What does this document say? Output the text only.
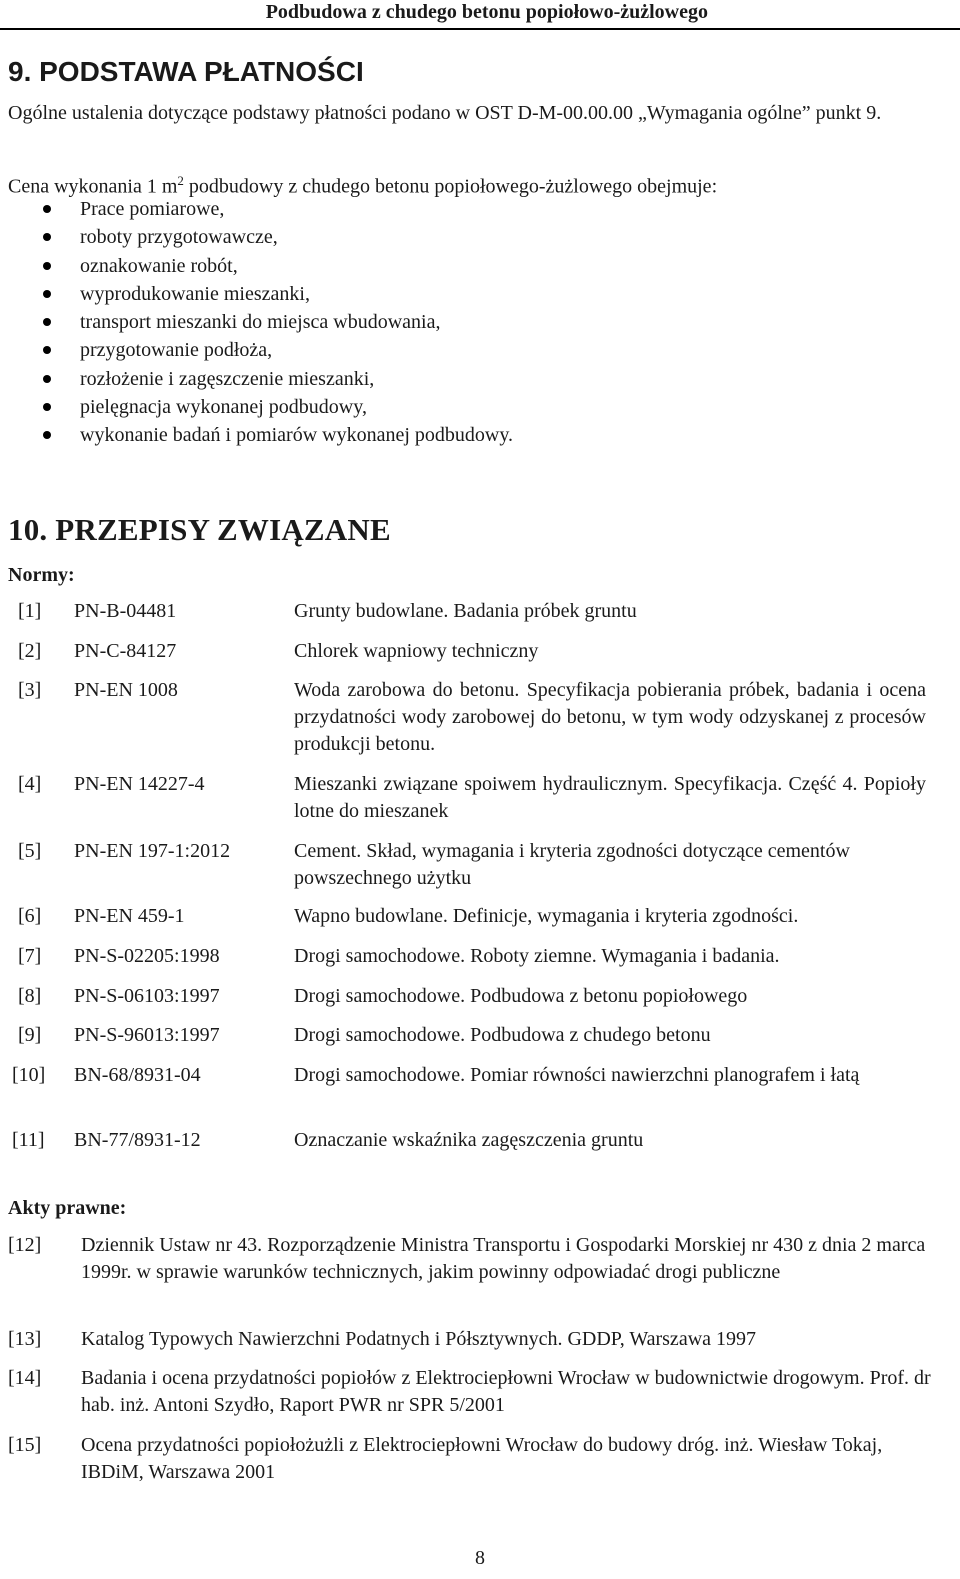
Podbudowa z chudego betonu popiołowo-żużlowego
9. PODSTAWA PŁATNOŚCI

Ogólne ustalenia dotyczące podstawy płatności podano w OST D-M-00.00.00 „Wymagania ogólne” punkt 9.

Cena wykonania 1 $m^2$ podbudowy z chudego betonu popiołowego-żużlowego obejmuje:

Prace pomiarowe,
roboty przygotowawcze,
oznakowanie robót,
wyprodukowanie mieszanki,
transport mieszanki do miejsca wbudowania,
przygotowanie podłoża,
rozłożenie i zagęszczenie mieszanki,
pielęgnacja wykonanej podbudowy,
wykonanie badań i pomiarów wykonanej podbudowy.
10. PRZEPISY ZWIĄZANE
Normy:
[1] PN-B-04481	Grunty budowlane. Badania próbek gruntu
[2] PN-C-84127	Chlorek wapniowy techniczny
[3] PN-EN 1008	Woda zarobowa do betonu. Specyfikacja pobierania próbek, badania i ocena przydatności wody zarobowej do betonu, w tym wody odzyskanej z procesów produkcji betonu.
[4] PN-EN 14227-4	Mieszanki związane spoiwem hydraulicznym. Specyfikacja. Część 4. Popioły lotne do mieszanek
[5] PN-EN 197-1:2012	Cement. Skład, wymagania i kryteria zgodności dotyczące cementów powszechnego użytku
[6] PN-EN 459-1	Wapno budowlane. Definicje, wymagania i kryteria zgodności.
[7] PN-S-02205:1998	Drogi samochodowe. Roboty ziemne. Wymagania i badania.
[8] PN-S-06103:1997	Drogi samochodowe. Podbudowa z betonu popiołowego
[9] PN-S-96013:1997	Drogi samochodowe. Podbudowa z chudego betonu
[10] BN-68/8931-04	Drogi samochodowe. Pomiar równości nawierzchni planografem i łatą
[11] BN-77/8931-12	Oznaczanie wskaźnika zagęszczenia gruntu
Akty prawne:
[12] Dziennik Ustaw nr 43. Rozporządzenie Ministra Transportu i Gospodarki Morskiej nr 430 z dnia 2 marca 1999r. w sprawie warunków technicznych, jakim powinny odpowiadać drogi publiczne
[13] Katalog Typowych Nawierzchni Podatnych i Półsztywnych. GDDP, Warszawa 1997
[14] Badania i ocena przydatności popiołów z Elektrociepłowni Wrocław w budownictwie drogowym. Prof. dr hab. inż. Antoni Szydło, Raport PWR nr SPR 5/2001
[15] Ocena przydatności popiołożużli z Elektrociepłowni Wrocław do budowy dróg. inż. Wiesław Tokaj, IBDiM, Warszawa 2001
8
